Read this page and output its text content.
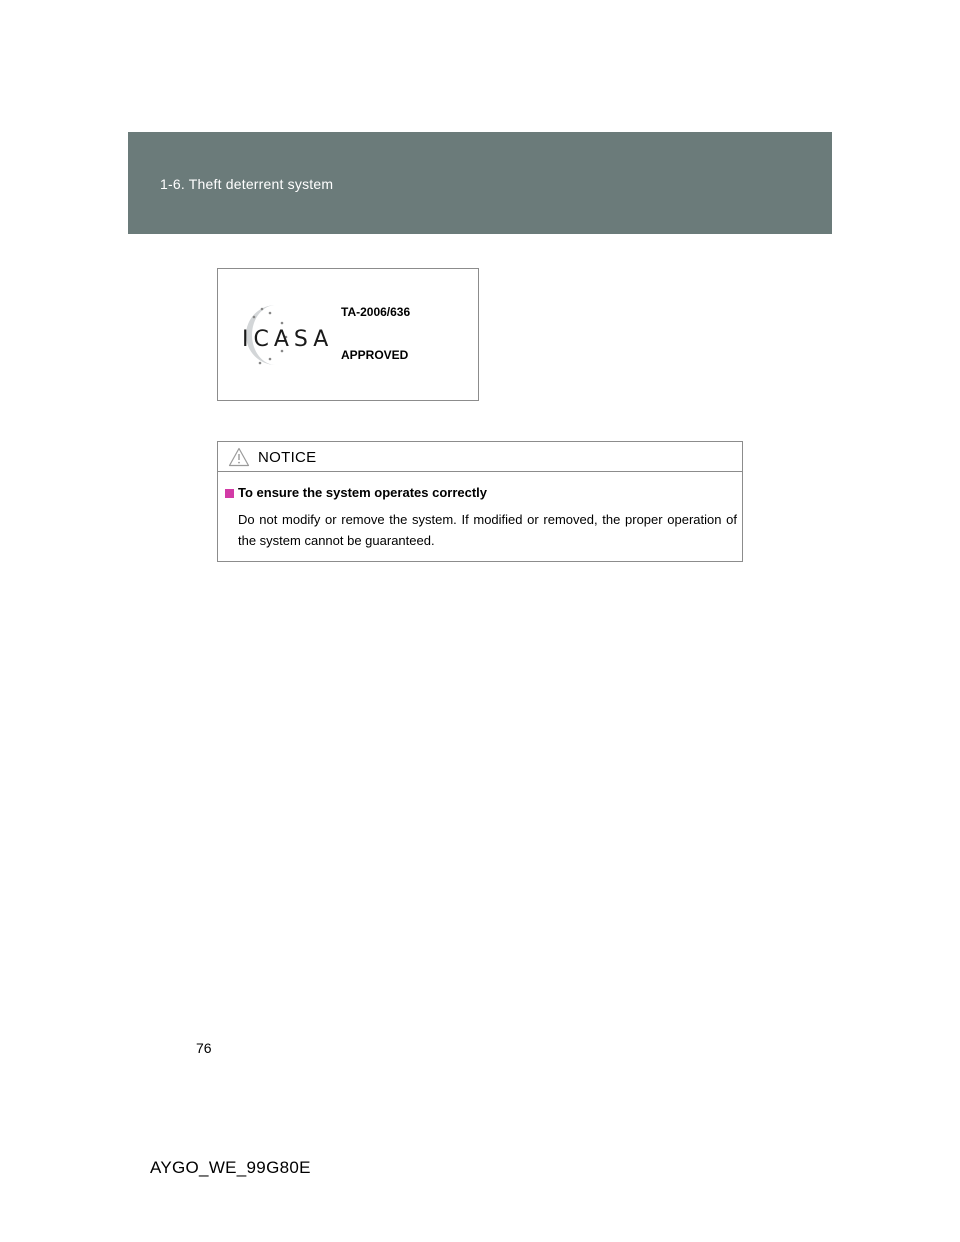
1-6. Theft deterrent system
ICASA
TA-2006/636
APPROVED
NOTICE
To ensure the system operates correctly
Do not modify or remove the system. If modified or removed, the proper operation of the system cannot be guaranteed.
76
AYGO_WE_99G80E
